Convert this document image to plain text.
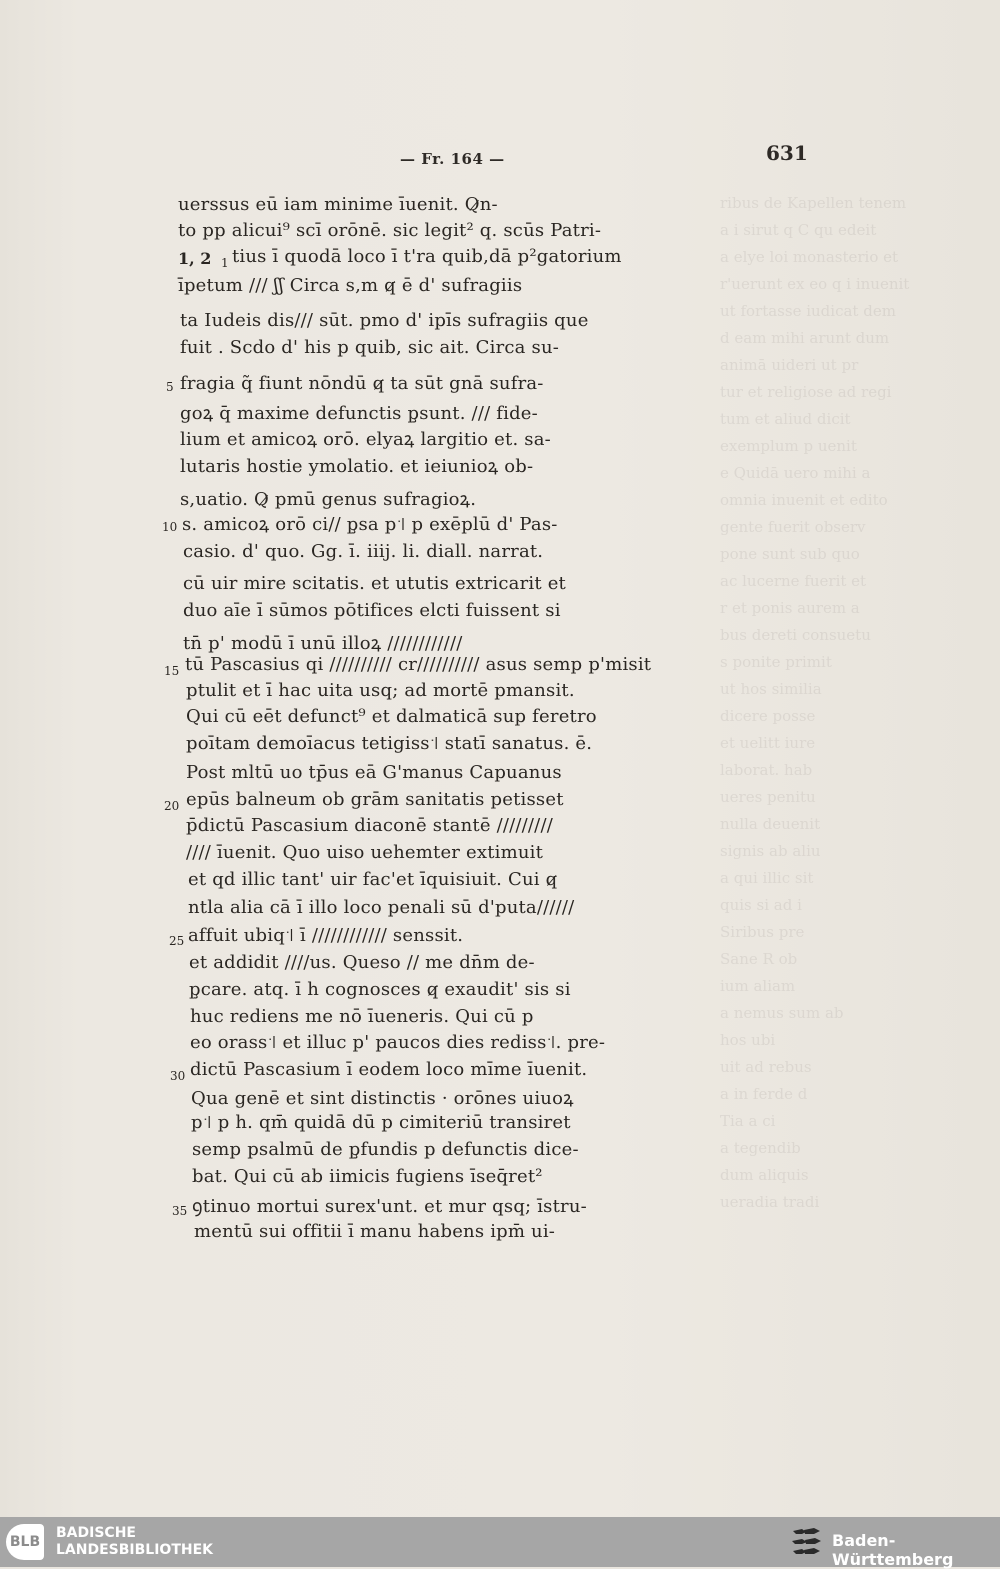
ribus de Kapellen tenem
a i sirut q C qu edeit
a elye loi monasterio et
r'uerunt ex eo q i inuenit
ut fortasse iudicat dem
d eam mihi arunt dum
animā uideri ut pr
tur et religiose ad regi
tum et aliud dicit
exemplum p uenit
e Quidā uero mihi a
omnia inuenit et edito
gente fuerit observ
pone sunt sub quo
ac lucerne fuerit et
r et ponis aurem a
bus dereti consuetu
s ponite primit
ut hos similia
dicere posse
et uelitt iure
laborat. hab
ueres penitu
nulla deuenit
signis ab aliu
a qui illic sit
quis si ad i
Siribus pre
Sane R ob
ium aliam
a nemus sum ab
hos ubi
uit ad rebus
a in ferde d
Tia a ci
a tegendib
dum aliquis
ueradia tradi
— Fr. 164 —	631
1, 2 1
5
10
15
20
25
30
35
uerssus eū iam minime īuenit. Q̷n-
to pp alicui⁹ scī orōnē. sic legit² q. scūs Patri-
tius ī quodā loco ī t'ra quib,dā p²gatorium
īpetum /// ʃʃ Circa s,m q̷ ē d' sufragiis
ta Iudeis dis/// sūt. pmo d' ipīs sufragiis que
fuit . Scdo d' his p quib, sic ait. Circa su-
fragia q̃ fiunt nōndū q̷ ta sūt gnā sufra-
goꝝ q̄ maxime defunctis p̧sunt. /// fide-
lium et amicoꝝ orō. elyaꝝ largitio et. sa-
lutaris hostie ymolatio. et ieiunioꝝ ob-
s,uatio. Q̷ pmū genus sufragioꝝ.
s. amicoꝝ orō ci// p̧sa p꜉ p exēplū d' Pas-
casio. d' quo. Gg. ī. iiij. li. diall. narrat.
cū uir mire scitatis. et ututis extricarit et
duo aīe ī sūmos pōtifices elcti fuissent si
tn̄ p' modū ī unū illoꝝ ////////////
tū Pascasius qi ////////// cr////////// asus semp p'misit
ptulit et ī hac uita usq; ad mortē pmansit.
Qui cū eēt defunct⁹ et dalmaticā sup feretro
poītam demoīacus tetigiss꜉ statī sanatus. ē.
Post mltū uo tp̄us eā G'manus Capuanus
epūs balneum ob grām sanitatis petisset
p̄dictū Pascasium diaconē stantē /////////
//// īuenit. Quo uiso uehemter extimuit
et qd illic tant' uir fac'et īquisiuit. Cui q̷
ntla alia cā ī illo loco penali sū d'puta//////
affuit ubiq꜉ ī //////////// senssit.
et addidit ////us. Queso // me dn̄m de-
p̧care. atq. ī h cognosces q̷ exaudit' sis si
huc rediens me nō īueneris. Qui cū p
eo orass꜉ et illuc p' paucos dies rediss꜉. pre-
dictū Pascasium ī eodem loco mīme īuenit.
Qua genē et sint distinctis · orōnes uiuoꝝ
p꜉ p h. qm̄ quidā dū p cimiteriū transiret
semp psalmū de p̧fundis p defunctis dice-
bat. Qui cū ab iimicis fugiens īseq̄ret²
ꝯtinuo mortui surex'unt. et mur qsq; īstru-
mentū sui offitii ī manu habens ipm̄ ui-
BLB
BADISCHE
LANDESBIBLIOTHEK	Baden-Württemberg
